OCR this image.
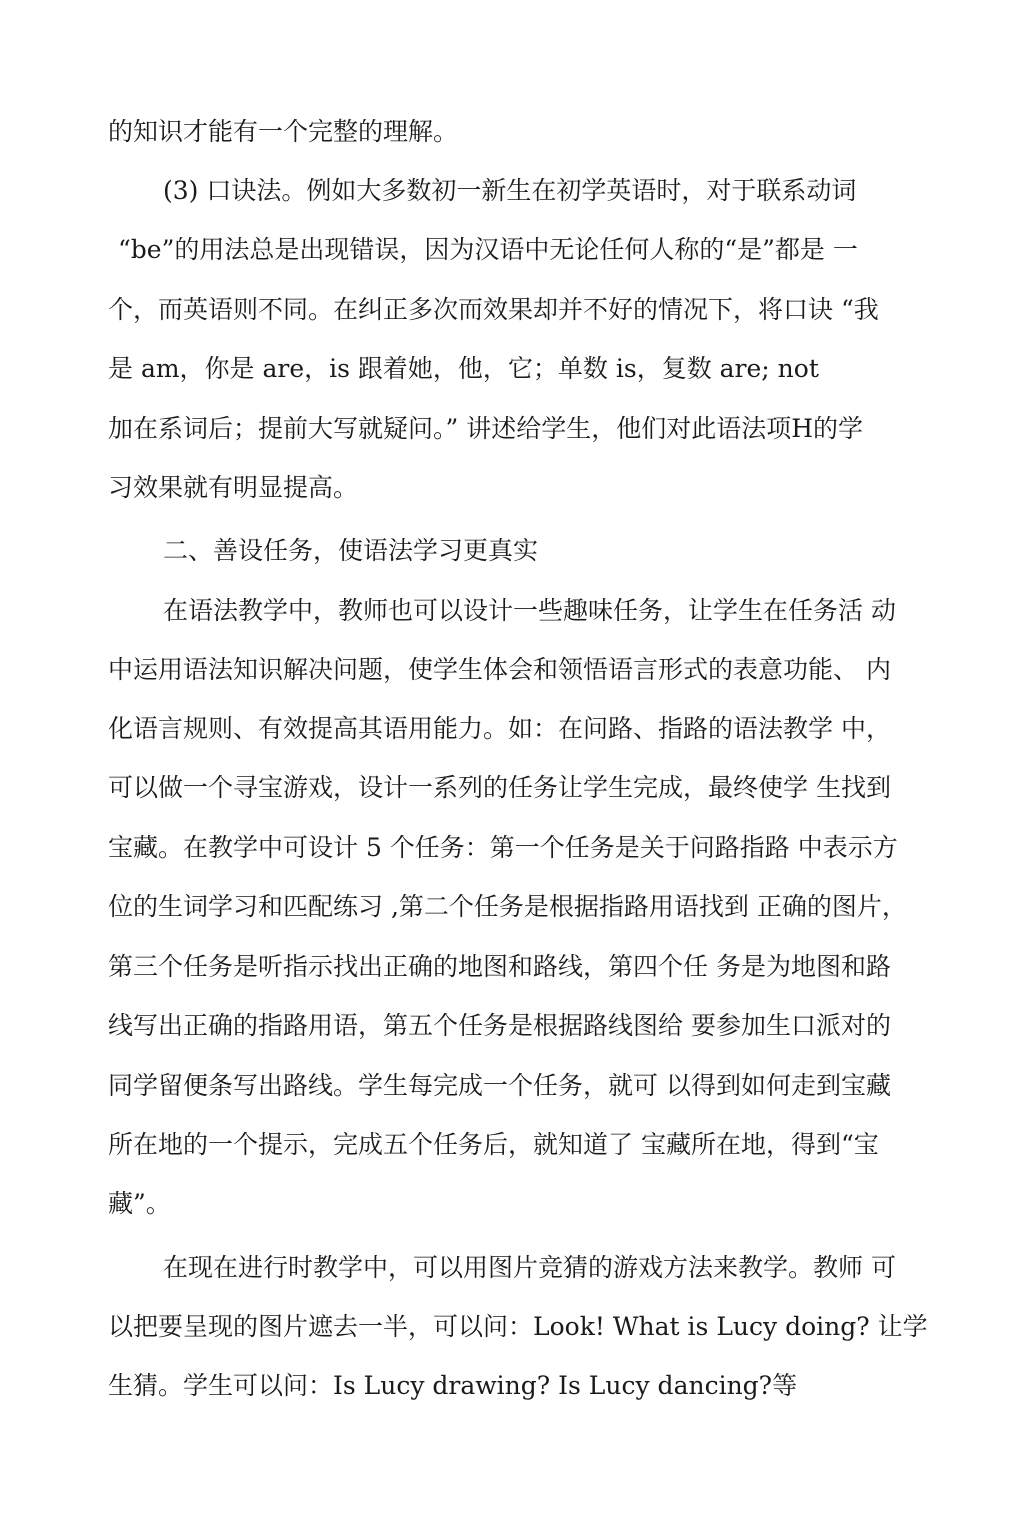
的知识才能有一个完整的理解。
(3) 口诀法。例如大多数初一新生在初学英语时，对于联系动词
“be”的用法总是出现错误，因为汉语中无论任何人称的“是”都是 一
个，而英语则不同。在纠正多次而效果却并不好的情况下，将口诀 “我
是 am，你是 are，is 跟着她，他，它；单数 is，复数 are; not
加在系词后；提前大写就疑问。” 讲述给学生，他们对此语法项H的学
习效果就有明显提高。
二、善设任务，使语法学习更真实
在语法教学中，教师也可以设计一些趣味任务，让学生在任务活 动
中运用语法知识解决问题，使学生体会和领悟语言形式的表意功能、 内
化语言规则、有效提高其语用能力。如：在问路、指路的语法教学 中，
可以做一个寻宝游戏，设计一系列的任务让学生完成，最终使学 生找到
宝藏。在教学中可设计 5 个任务：第一个任务是关于问路指路 中表示方
位的生词学习和匹配练习 ,第二个任务是根据指路用语找到 正确的图片，
第三个任务是听指示找出正确的地图和路线，第四个任 务是为地图和路
线写出正确的指路用语，第五个任务是根据路线图给 要参加生口派对的
同学留便条写出路线。学生每完成一个任务，就可 以得到如何走到宝藏
所在地的一个提示，完成五个任务后，就知道了 宝藏所在地，得到“宝
藏”。
在现在进行时教学中，可以用图片竞猜的游戏方法来教学。教师 可
以把要呈现的图片遮去一半，可以问：Look! What is Lucy doing? 让学
生猜。学生可以问：Is Lucy drawing? Is Lucy dancing?等
